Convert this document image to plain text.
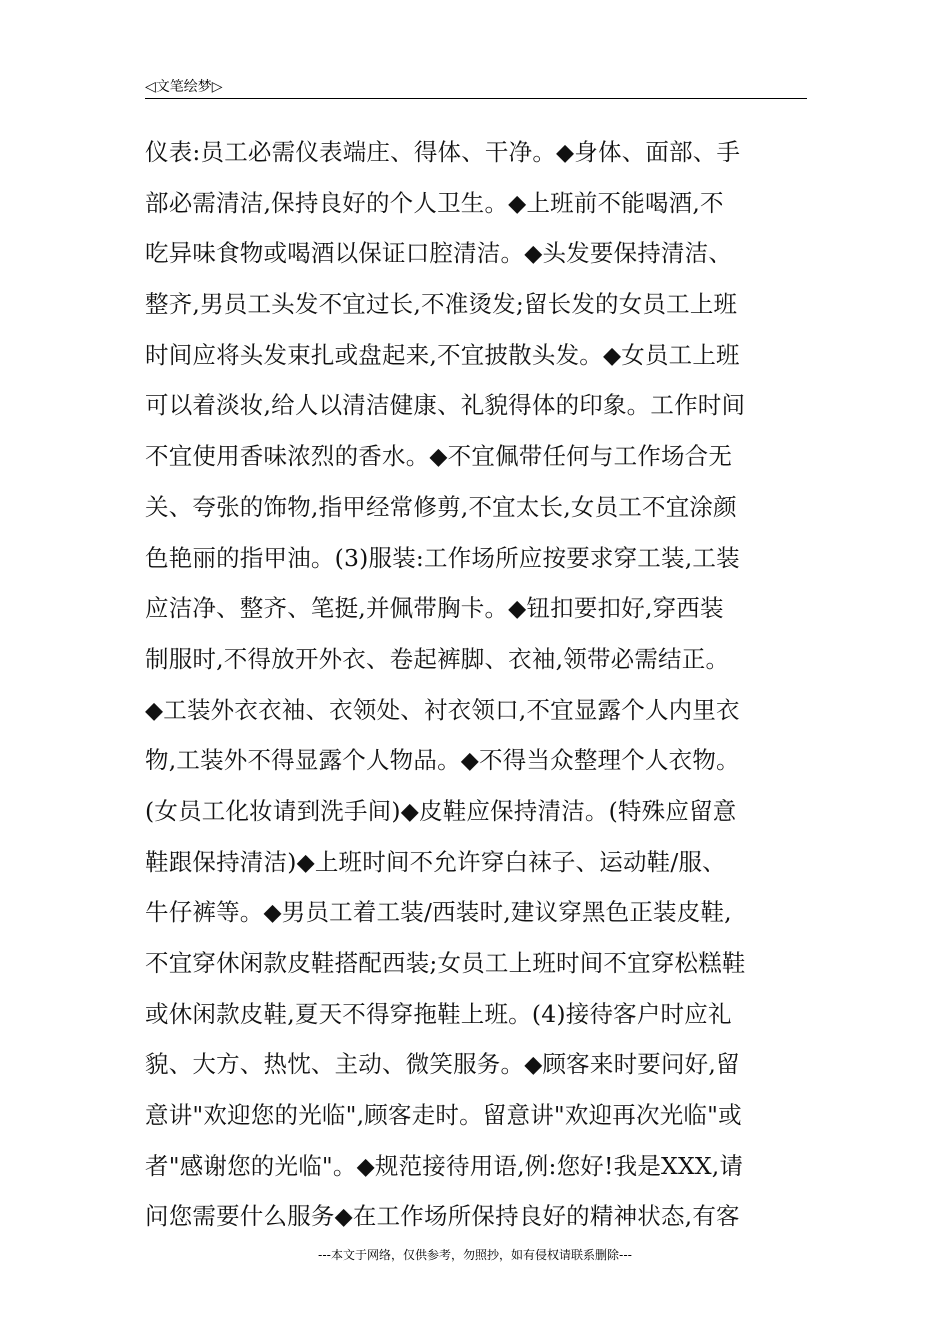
◁文笔绘梦▷
仪表:员工必需仪表端庄、得体、干净。◆身体、面部、手
部必需清洁,保持良好的个人卫生。◆上班前不能喝酒,不
吃异味食物或喝酒以保证口腔清洁。◆头发要保持清洁、
整齐,男员工头发不宜过长,不准烫发;留长发的女员工上班
时间应将头发束扎或盘起来,不宜披散头发。◆女员工上班
可以着淡妆,给人以清洁健康、礼貌得体的印象。工作时间
不宜使用香味浓烈的香水。◆不宜佩带任何与工作场合无
关、夸张的饰物,指甲经常修剪,不宜太长,女员工不宜涂颜
色艳丽的指甲油。(3)服装:工作场所应按要求穿工装,工装
应洁净、整齐、笔挺,并佩带胸卡。◆钮扣要扣好,穿西装
制服时,不得放开外衣、卷起裤脚、衣袖,领带必需结正。
◆工装外衣衣袖、衣领处、衬衣领口,不宜显露个人内里衣
物,工装外不得显露个人物品。◆不得当众整理个人衣物。
(女员工化妆请到洗手间)◆皮鞋应保持清洁。(特殊应留意
鞋跟保持清洁)◆上班时间不允许穿白袜子、运动鞋/服、
牛仔裤等。◆男员工着工装/西装时,建议穿黑色正装皮鞋,
不宜穿休闲款皮鞋搭配西装;女员工上班时间不宜穿松糕鞋
或休闲款皮鞋,夏天不得穿拖鞋上班。(4)接待客户时应礼
貌、大方、热忱、主动、微笑服务。◆顾客来时要问好,留
意讲"欢迎您的光临",顾客走时。留意讲"欢迎再次光临"或
者"感谢您的光临"。◆规范接待用语,例:您好!我是XXX,请
问您需要什么服务◆在工作场所保持良好的精神状态,有客
---本文于网络，仅供参考，勿照抄，如有侵权请联系删除---
